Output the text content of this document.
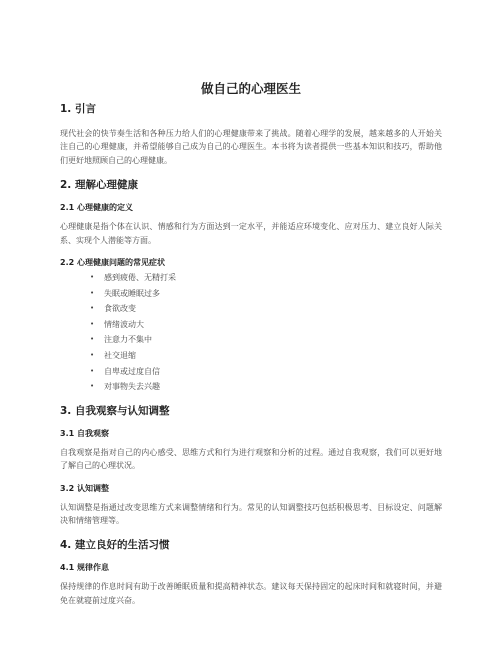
做自己的心理医生
1. 引言

现代社会的快节奏生活和各种压力给人们的心理健康带来了挑战。随着心理学的发展，越来越多的人开始关注自己的心理健康，并希望能够自己成为自己的心理医生。本书将为读者提供一些基本知识和技巧，帮助他们更好地照顾自己的心理健康。

2. 理解心理健康
2.1 心理健康的定义

心理健康是指个体在认识、情感和行为方面达到一定水平，并能适应环境变化、应对压力、建立良好人际关系、实现个人潜能等方面。

2.2 心理健康问题的常见症状
• 感到疲倦、无精打采
• 失眠或睡眠过多
• 食欲改变
• 情绪波动大
• 注意力不集中
• 社交退缩
• 自卑或过度自信
• 对事物失去兴趣
3. 自我观察与认知调整
3.1 自我观察

自我观察是指对自己的内心感受、思维方式和行为进行观察和分析的过程。通过自我观察，我们可以更好地了解自己的心理状况。

3.2 认知调整

认知调整是指通过改变思维方式来调整情绪和行为。常见的认知调整技巧包括积极思考、目标设定、问题解决和情绪管理等。

4. 建立良好的生活习惯
4.1 规律作息

保持规律的作息时间有助于改善睡眠质量和提高精神状态。建议每天保持固定的起床时间和就寝时间，并避免在就寝前过度兴奋。
